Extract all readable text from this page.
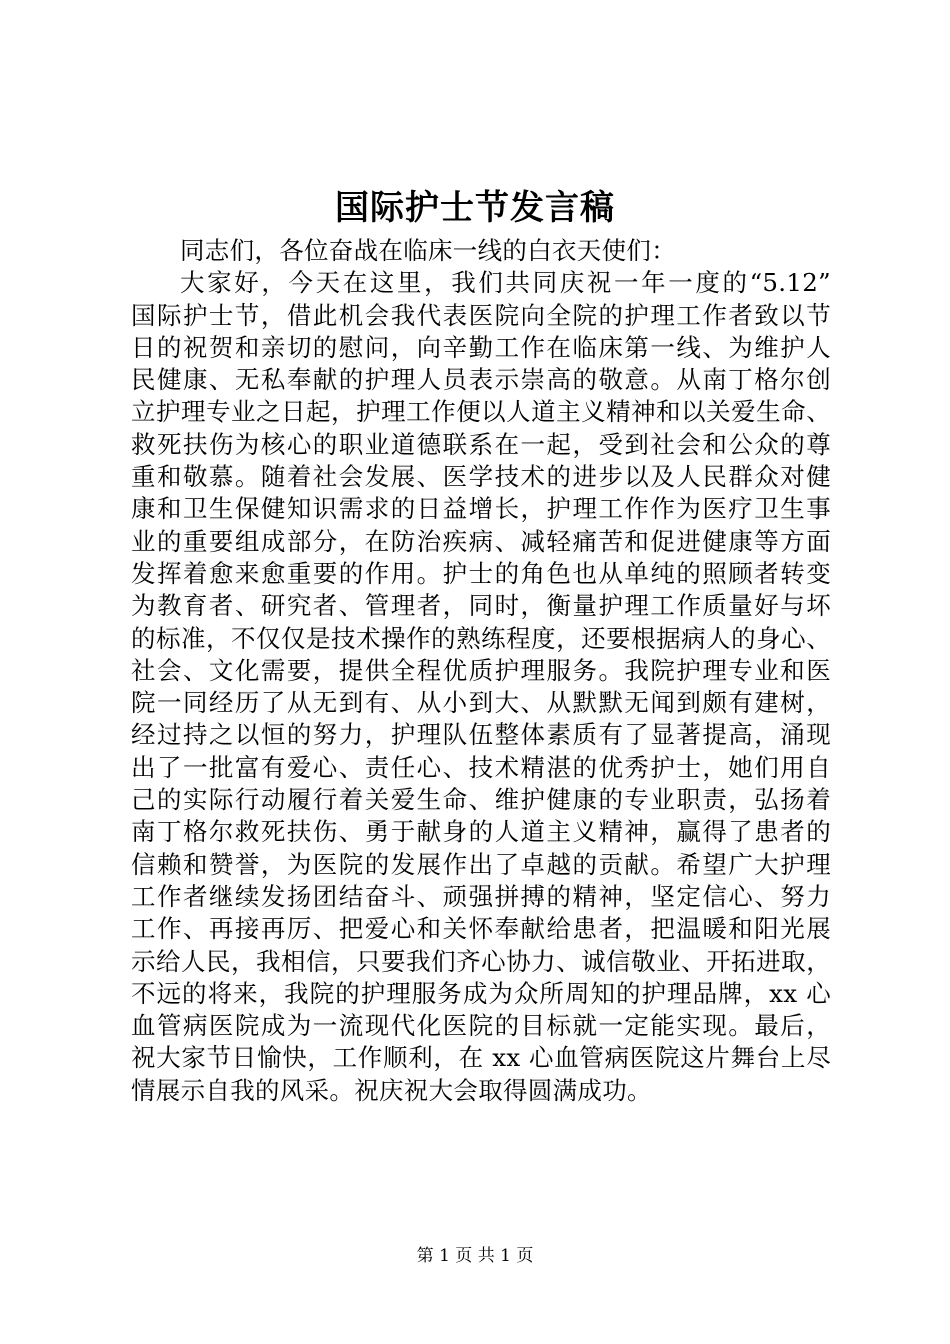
国际护士节发言稿
同志们，各位奋战在临床一线的白衣天使们：
大家好，今天在这里，我们共同庆祝一年一度的“5.12”
国际护士节，借此机会我代表医院向全院的护理工作者致以节
日的祝贺和亲切的慰问，向辛勤工作在临床第一线、为维护人
民健康、无私奉献的护理人员表示崇高的敬意。从南丁格尔创
立护理专业之日起，护理工作便以人道主义精神和以关爱生命、
救死扶伤为核心的职业道德联系在一起，受到社会和公众的尊
重和敬慕。随着社会发展、医学技术的进步以及人民群众对健
康和卫生保健知识需求的日益增长，护理工作作为医疗卫生事
业的重要组成部分，在防治疾病、减轻痛苦和促进健康等方面
发挥着愈来愈重要的作用。护士的角色也从单纯的照顾者转变
为教育者、研究者、管理者，同时，衡量护理工作质量好与坏
的标准，不仅仅是技术操作的熟练程度，还要根据病人的身心、
社会、文化需要，提供全程优质护理服务。我院护理专业和医
院一同经历了从无到有、从小到大、从默默无闻到颇有建树，
经过持之以恒的努力，护理队伍整体素质有了显著提高，涌现
出了一批富有爱心、责任心、技术精湛的优秀护士，她们用自
己的实际行动履行着关爱生命、维护健康的专业职责，弘扬着
南丁格尔救死扶伤、勇于献身的人道主义精神，赢得了患者的
信赖和赞誉，为医院的发展作出了卓越的贡献。希望广大护理
工作者继续发扬团结奋斗、顽强拼搏的精神，坚定信心、努力
工作、再接再厉、把爱心和关怀奉献给患者，把温暖和阳光展
示给人民，我相信，只要我们齐心协力、诚信敬业、开拓进取，
不远的将来，我院的护理服务成为众所周知的护理品牌，xx 心
血管病医院成为一流现代化医院的目标就一定能实现。最后，
祝大家节日愉快，工作顺利，在 xx 心血管病医院这片舞台上尽
情展示自我的风采。祝庆祝大会取得圆满成功。
第 1 页 共 1 页
